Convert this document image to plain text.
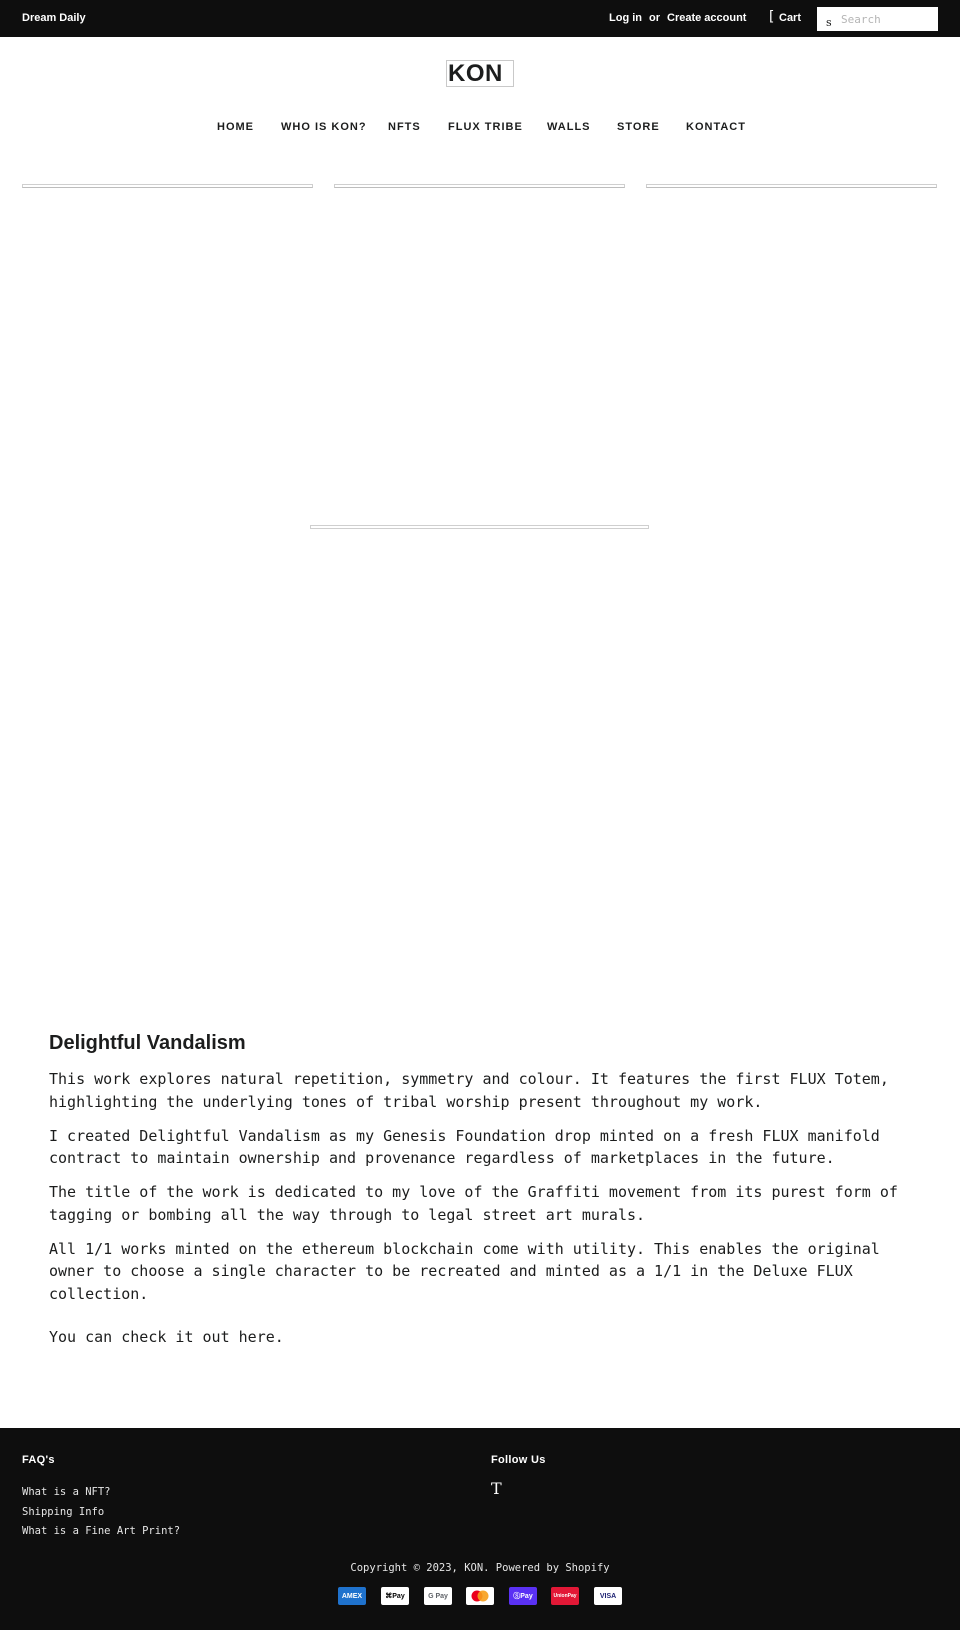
Dream Daily	Log in or Create account [ Cart s
Search
KON
HOME WHO IS KON? NFTS FLUX TRIBE WALLS STORE KONTACT
Delightful Vandalism

This work explores natural repetition, symmetry and colour. It features the first FLUX Totem, highlighting the underlying tones of tribal worship present throughout my work.

I created Delightful Vandalism as my Genesis Foundation drop minted on a fresh FLUX manifold contract to maintain ownership and provenance regardless of marketplaces in the future.

The title of the work is dedicated to my love of the Graffiti movement from its purest form of tagging or bombing all the way through to legal street art murals.

All 1/1 works minted on the ethereum blockchain come with utility. This enables the original owner to choose a single character to be recreated and minted as a 1/1 in the Deluxe FLUX collection.

You can check it out here.

FAQ's
What is a NFT?
Shipping Info
What is a Fine Art Print?
Follow Us
T
Copyright © 2023, KON. Powered by Shopify
AMEX	⌘Pay	G Pay	ⓈPay	UnionPay	VISA
